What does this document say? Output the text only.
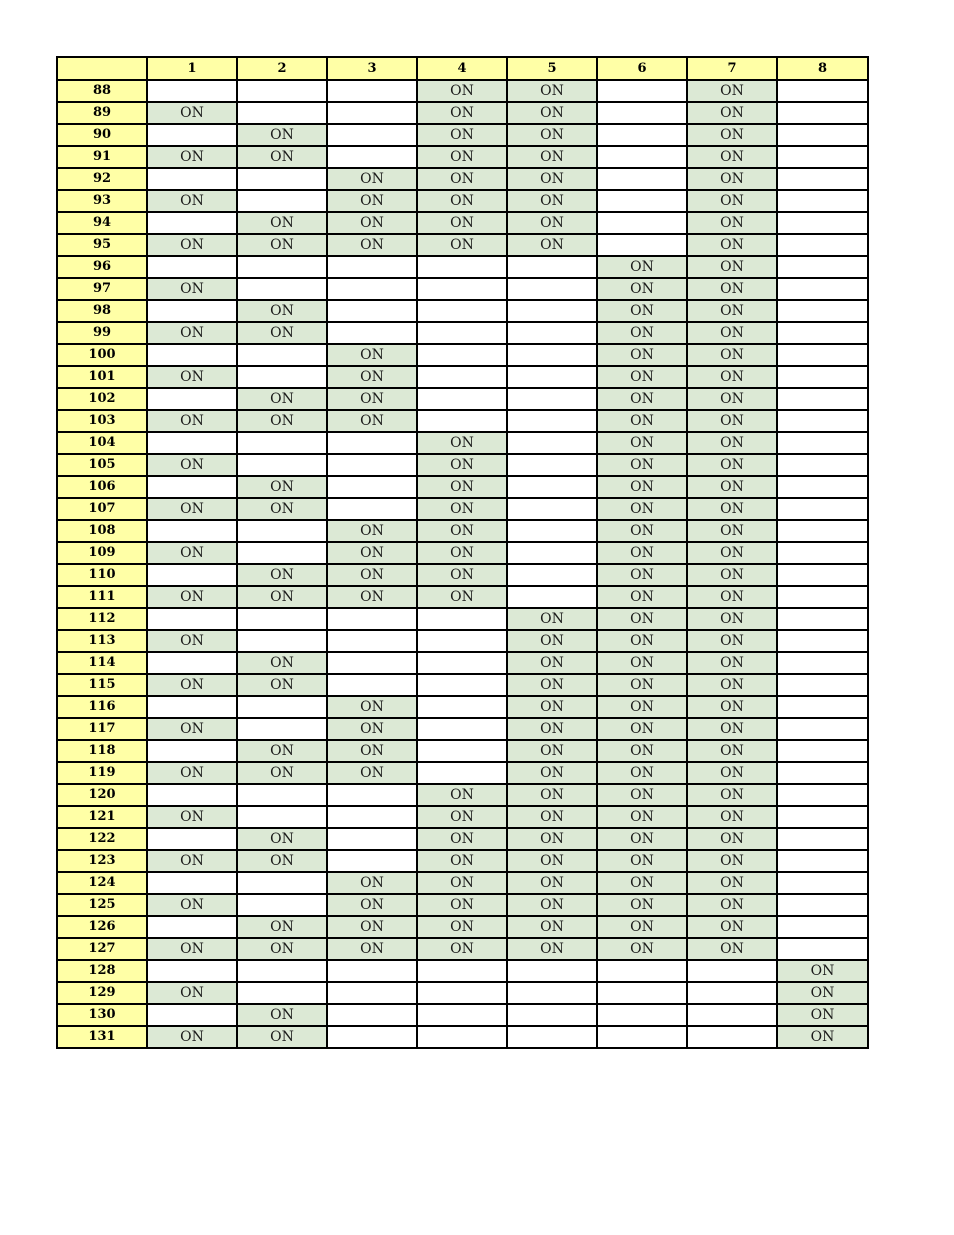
	1	2	3	4	5	6	7	8
88				ON	ON		ON	
89	ON			ON	ON		ON	
90		ON		ON	ON		ON	
91	ON	ON		ON	ON		ON	
92			ON	ON	ON		ON	
93	ON		ON	ON	ON		ON	
94		ON	ON	ON	ON		ON	
95	ON	ON	ON	ON	ON		ON	
96						ON	ON	
97	ON					ON	ON	
98		ON				ON	ON	
99	ON	ON				ON	ON	
100			ON			ON	ON	
101	ON		ON			ON	ON	
102		ON	ON			ON	ON	
103	ON	ON	ON			ON	ON	
104				ON		ON	ON	
105	ON			ON		ON	ON	
106		ON		ON		ON	ON	
107	ON	ON		ON		ON	ON	
108			ON	ON		ON	ON	
109	ON		ON	ON		ON	ON	
110		ON	ON	ON		ON	ON	
111	ON	ON	ON	ON		ON	ON	
112					ON	ON	ON	
113	ON				ON	ON	ON	
114		ON			ON	ON	ON	
115	ON	ON			ON	ON	ON	
116			ON		ON	ON	ON	
117	ON		ON		ON	ON	ON	
118		ON	ON		ON	ON	ON	
119	ON	ON	ON		ON	ON	ON	
120				ON	ON	ON	ON	
121	ON			ON	ON	ON	ON	
122		ON		ON	ON	ON	ON	
123	ON	ON		ON	ON	ON	ON	
124			ON	ON	ON	ON	ON	
125	ON		ON	ON	ON	ON	ON	
126		ON	ON	ON	ON	ON	ON	
127	ON	ON	ON	ON	ON	ON	ON	
128								ON
129	ON							ON
130		ON						ON
131	ON	ON						ON
